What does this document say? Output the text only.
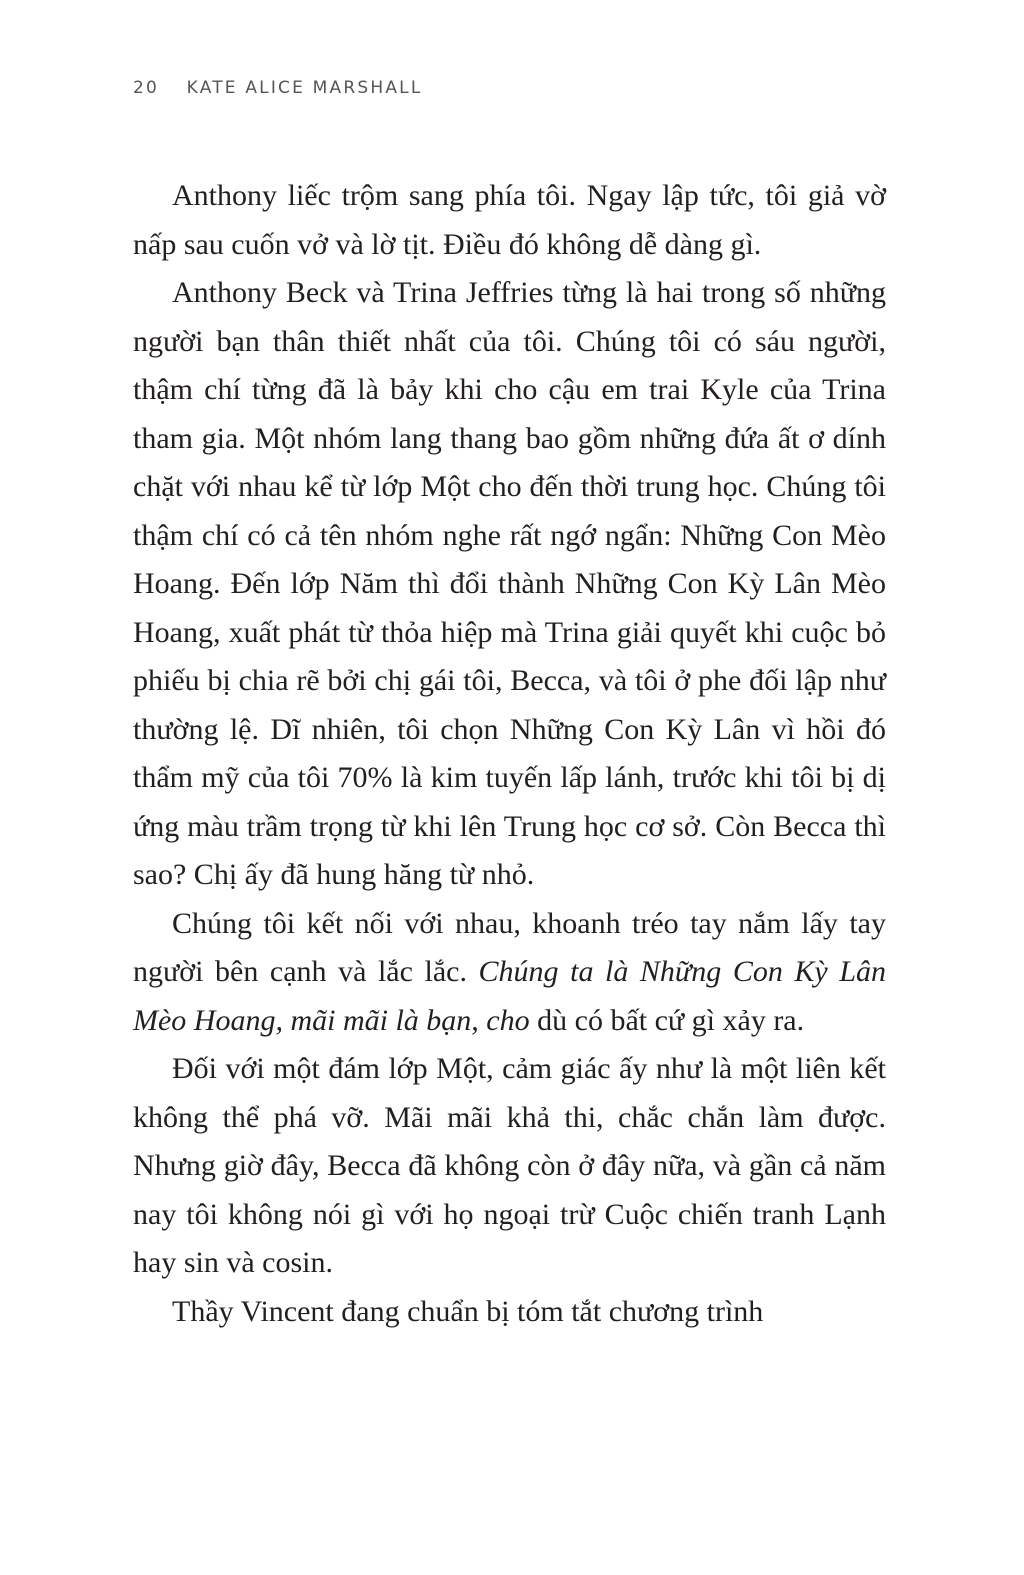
20 KATE ALICE MARSHALL

Anthony liếc trộm sang phía tôi. Ngay lập tức, tôi giả vờ nấp sau cuốn vở và lờ tịt. Điều đó không dễ dàng gì.

Anthony Beck và Trina Jeffries từng là hai trong số những người bạn thân thiết nhất của tôi. Chúng tôi có sáu người, thậm chí từng đã là bảy khi cho cậu em trai Kyle của Trina tham gia. Một nhóm lang thang bao gồm những đứa ất ơ dính chặt với nhau kể từ lớp Một cho đến thời trung học. Chúng tôi thậm chí có cả tên nhóm nghe rất ngớ ngẩn: Những Con Mèo Hoang. Đến lớp Năm thì đổi thành Những Con Kỳ Lân Mèo Hoang, xuất phát từ thỏa hiệp mà Trina giải quyết khi cuộc bỏ phiếu bị chia rẽ bởi chị gái tôi, Becca, và tôi ở phe đối lập như thường lệ. Dĩ nhiên, tôi chọn Những Con Kỳ Lân vì hồi đó thẩm mỹ của tôi 70% là kim tuyến lấp lánh, trước khi tôi bị dị ứng màu trầm trọng từ khi lên Trung học cơ sở. Còn Becca thì sao? Chị ấy đã hung hăng từ nhỏ.

Chúng tôi kết nối với nhau, khoanh tréo tay nắm lấy tay người bên cạnh và lắc lắc. Chúng ta là Những Con Kỳ Lân Mèo Hoang, mãi mãi là bạn, cho dù có bất cứ gì xảy ra.

Đối với một đám lớp Một, cảm giác ấy như là một liên kết không thể phá vỡ. Mãi mãi khả thi, chắc chắn làm được. Nhưng giờ đây, Becca đã không còn ở đây nữa, và gần cả năm nay tôi không nói gì với họ ngoại trừ Cuộc chiến tranh Lạnh hay sin và cosin.

Thầy Vincent đang chuẩn bị tóm tắt chương trình
